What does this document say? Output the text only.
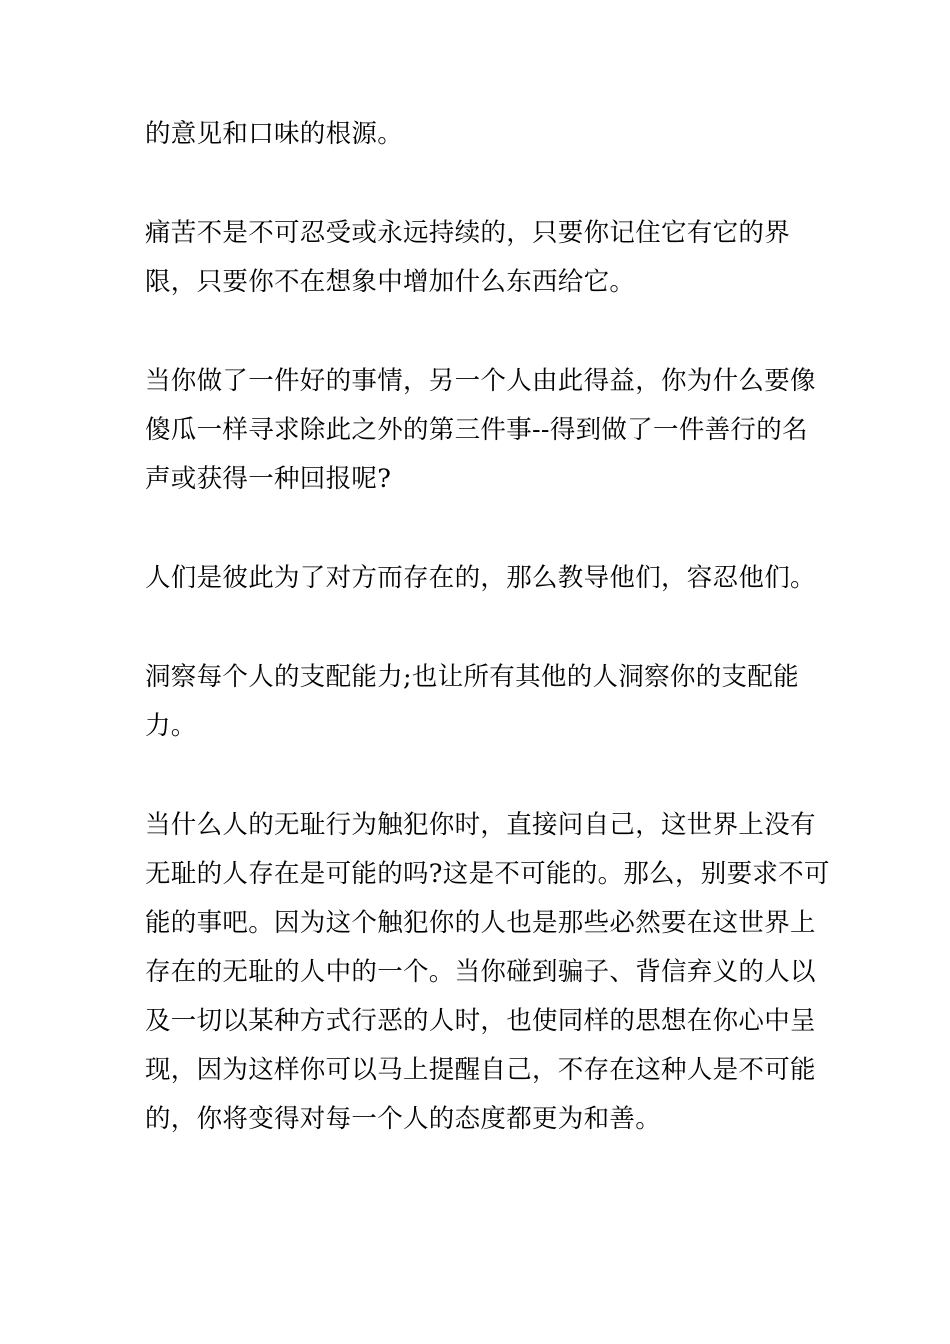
的意见和口味的根源。

痛苦不是不可忍受或永远持续的，只要你记住它有它的界
限，只要你不在想象中增加什么东西给它。

当你做了一件好的事情，另一个人由此得益，你为什么要像
傻瓜一样寻求除此之外的第三件事--得到做了一件善行的名
声或获得一种回报呢?

人们是彼此为了对方而存在的，那么教导他们，容忍他们。

洞察每个人的支配能力;也让所有其他的人洞察你的支配能
力。

当什么人的无耻行为触犯你时，直接问自己，这世界上没有
无耻的人存在是可能的吗?这是不可能的。那么，别要求不可
能的事吧。因为这个触犯你的人也是那些必然要在这世界上
存在的无耻的人中的一个。当你碰到骗子、背信弃义的人以
及一切以某种方式行恶的人时，也使同样的思想在你心中呈
现，因为这样你可以马上提醒自己，不存在这种人是不可能
的，你将变得对每一个人的态度都更为和善。
